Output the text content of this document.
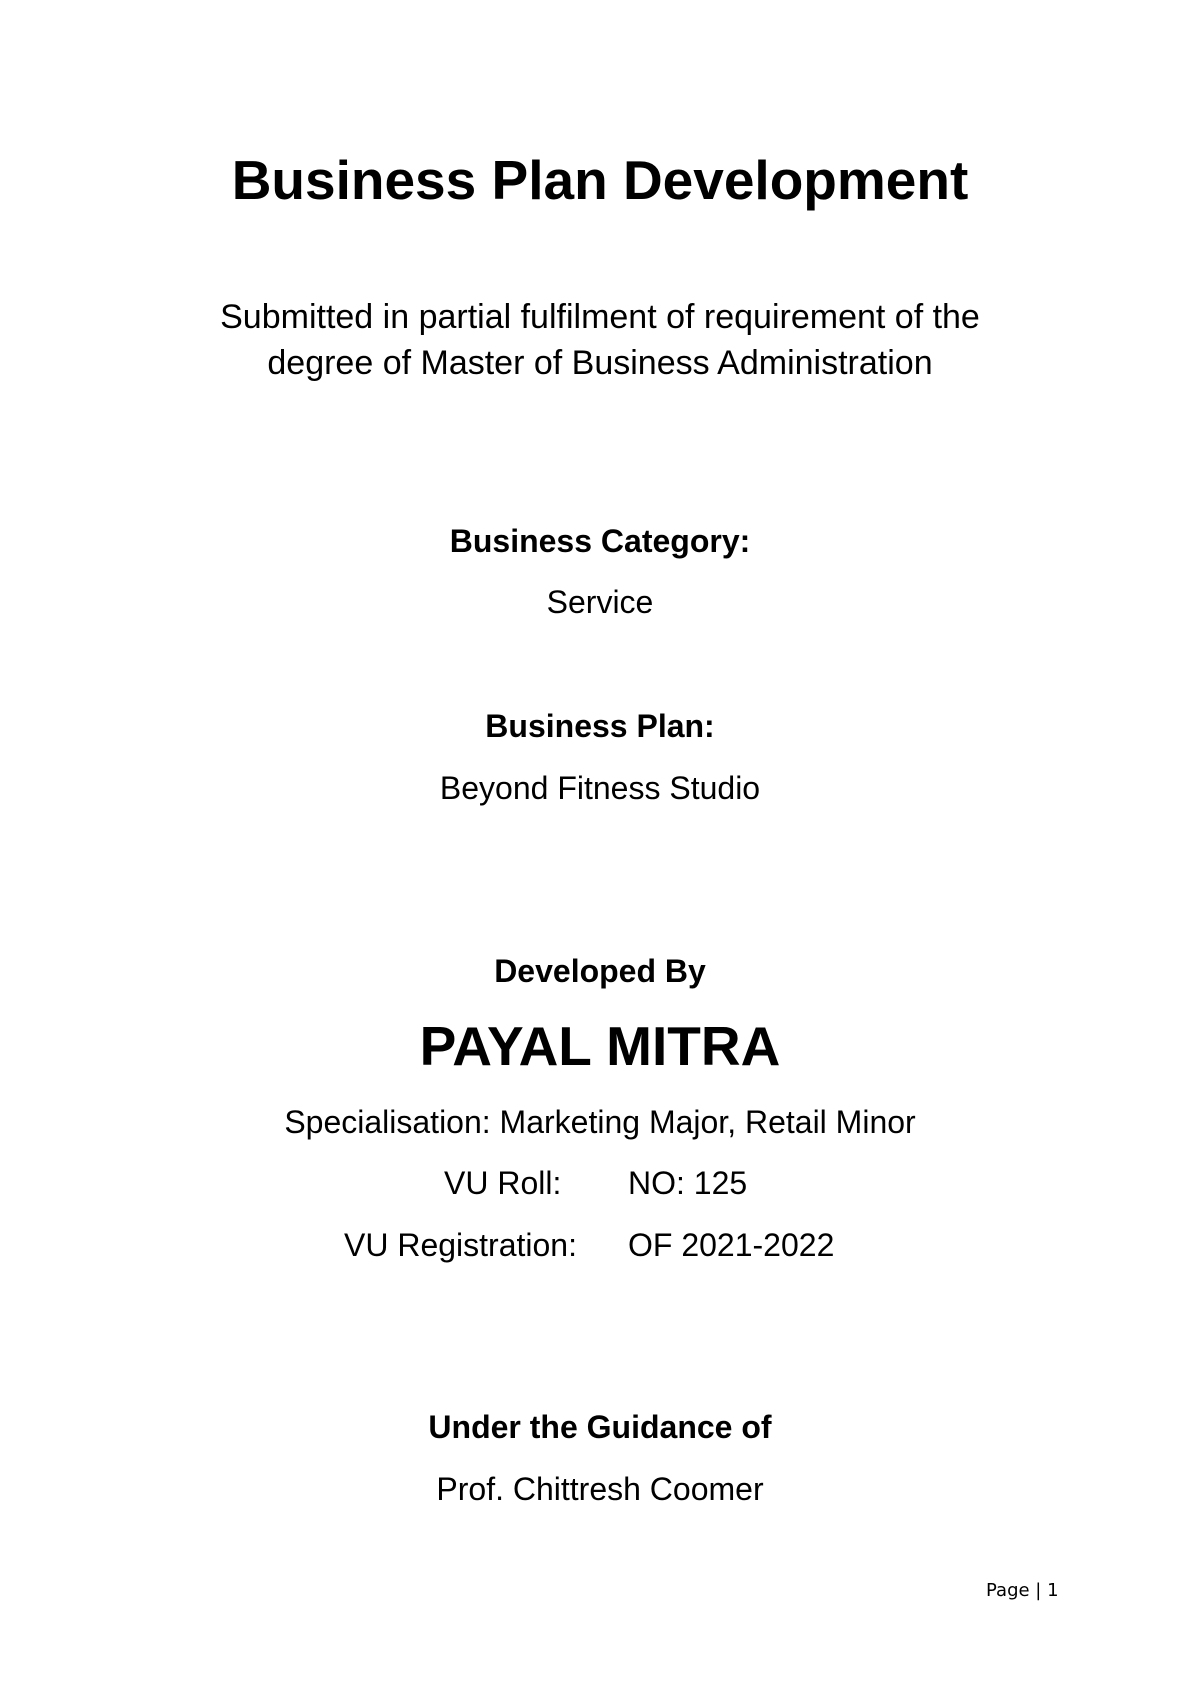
Business Plan Development
Submitted in partial fulfilment of requirement of the
degree of Master of Business Administration
Business Category:
Service
Business Plan:
Beyond Fitness Studio
Developed By
PAYAL MITRA
Specialisation: Marketing Major, Retail Minor
VU Roll: NO: 125
VU Registration: OF 2021-2022
Under the Guidance of
Prof. Chittresh Coomer
Page | 1
